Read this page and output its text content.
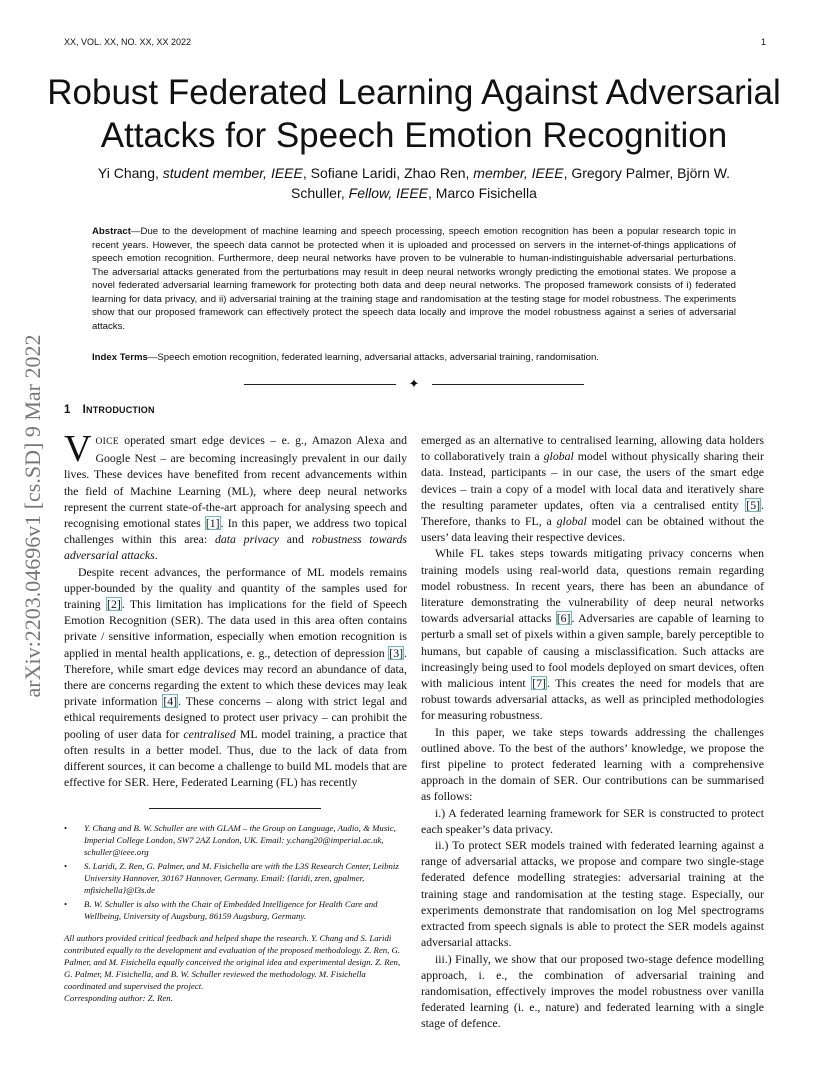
XX, VOL. XX, NO. XX, XX 2022	1
arXiv:2203.04696v1 [cs.SD] 9 Mar 2022
Robust Federated Learning Against Adversarial Attacks for Speech Emotion Recognition
Yi Chang, student member, IEEE, Sofiane Laridi, Zhao Ren, member, IEEE, Gregory Palmer, Björn W. Schuller, Fellow, IEEE, Marco Fisichella
Abstract—Due to the development of machine learning and speech processing, speech emotion recognition has been a popular research topic in recent years. However, the speech data cannot be protected when it is uploaded and processed on servers in the internet-of-things applications of speech emotion recognition. Furthermore, deep neural networks have proven to be vulnerable to human-indistinguishable adversarial perturbations. The adversarial attacks generated from the perturbations may result in deep neural networks wrongly predicting the emotional states. We propose a novel federated adversarial learning framework for protecting both data and deep neural networks. The proposed framework consists of i) federated learning for data privacy, and ii) adversarial training at the training stage and randomisation at the testing stage for model robustness. The experiments show that our proposed framework can effectively protect the speech data locally and improve the model robustness against a series of adversarial attacks.
Index Terms—Speech emotion recognition, federated learning, adversarial attacks, adversarial training, randomisation.
✦
1 INTRODUCTION

VOICE operated smart edge devices – e. g., Amazon Alexa and Google Nest – are becoming increasingly prevalent in our daily lives. These devices have benefited from recent advancements within the field of Machine Learning (ML), where deep neural networks represent the current state-of-the-art approach for analysing speech and recognising emotional states [1]. In this paper, we address two topical challenges within this area: data privacy and robustness towards adversarial attacks.

Despite recent advances, the performance of ML models remains upper-bounded by the quality and quantity of the samples used for training [2]. This limitation has implications for the field of Speech Emotion Recognition (SER). The data used in this area often contains private / sensitive information, especially when emotion recognition is applied in mental health applications, e. g., detection of depression [3]. Therefore, while smart edge devices may record an abundance of data, there are concerns regarding the extent to which these devices may leak private information [4]. These concerns – along with strict legal and ethical requirements designed to protect user privacy – can prohibit the pooling of user data for centralised ML model training, a practice that often results in a better model. Thus, due to the lack of data from different sources, it can become a challenge to build ML models that are effective for SER. Here, Federated Learning (FL) has recently

• Y. Chang and B. W. Schuller are with GLAM – the Group on Language, Audio, & Music, Imperial College London, SW7 2AZ London, UK. Email: y.chang20@imperial.ac.uk, schuller@ieee.org
• S. Laridi, Z. Ren, G. Palmer, and M. Fisichella are with the L3S Research Center, Leibniz University Hannover, 30167 Hannover, Germany. Email: {laridi, zren, gpalmer, mfisichella}@l3s.de
• B. W. Schuller is also with the Chair of Embedded Intelligence for Health Care and Wellbeing, University of Augsburg, 86159 Augsburg, Germany.

All authors provided critical feedback and helped shape the research. Y. Chang and S. Laridi contributed equally to the development and evaluation of the proposed methodology. Z. Ren, G. Palmer, and M. Fisichella equally conceived the original idea and experimental design. Z. Ren, G. Palmer, M. Fisichella, and B. W. Schuller reviewed the methodology. M. Fisichella coordinated and supervised the project.

Corresponding author: Z. Ren.

emerged as an alternative to centralised learning, allowing data holders to collaboratively train a global model without physically sharing their data. Instead, participants – in our case, the users of the smart edge devices – train a copy of a model with local data and iteratively share the resulting parameter updates, often via a centralised entity [5]. Therefore, thanks to FL, a global model can be obtained without the users’ data leaving their respective devices.

While FL takes steps towards mitigating privacy concerns when training models using real-world data, questions remain regarding model robustness. In recent years, there has been an abundance of literature demonstrating the vulnerability of deep neural networks towards adversarial attacks [6]. Adversaries are capable of learning to perturb a small set of pixels within a given sample, barely perceptible to humans, but capable of causing a misclassification. Such attacks are increasingly being used to fool models deployed on smart devices, often with malicious intent [7]. This creates the need for models that are robust towards adversarial attacks, as well as principled methodologies for measuring robustness.

In this paper, we take steps towards addressing the challenges outlined above. To the best of the authors’ knowledge, we propose the first pipeline to protect federated learning with a comprehensive approach in the domain of SER. Our contributions can be summarised as follows:

i.) A federated learning framework for SER is constructed to protect each speaker’s data privacy.

ii.) To protect SER models trained with federated learning against a range of adversarial attacks, we propose and compare two single-stage federated defence modelling strategies: adversarial training at the training stage and randomisation at the testing stage. Especially, our experiments demonstrate that randomisation on log Mel spectrograms extracted from speech signals is able to protect the SER models against adversarial attacks.

iii.) Finally, we show that our proposed two-stage defence modelling approach, i. e., the combination of adversarial training and randomisation, effectively improves the model robustness over vanilla federated learning (i. e., nature) and federated learning with a single stage of defence.
